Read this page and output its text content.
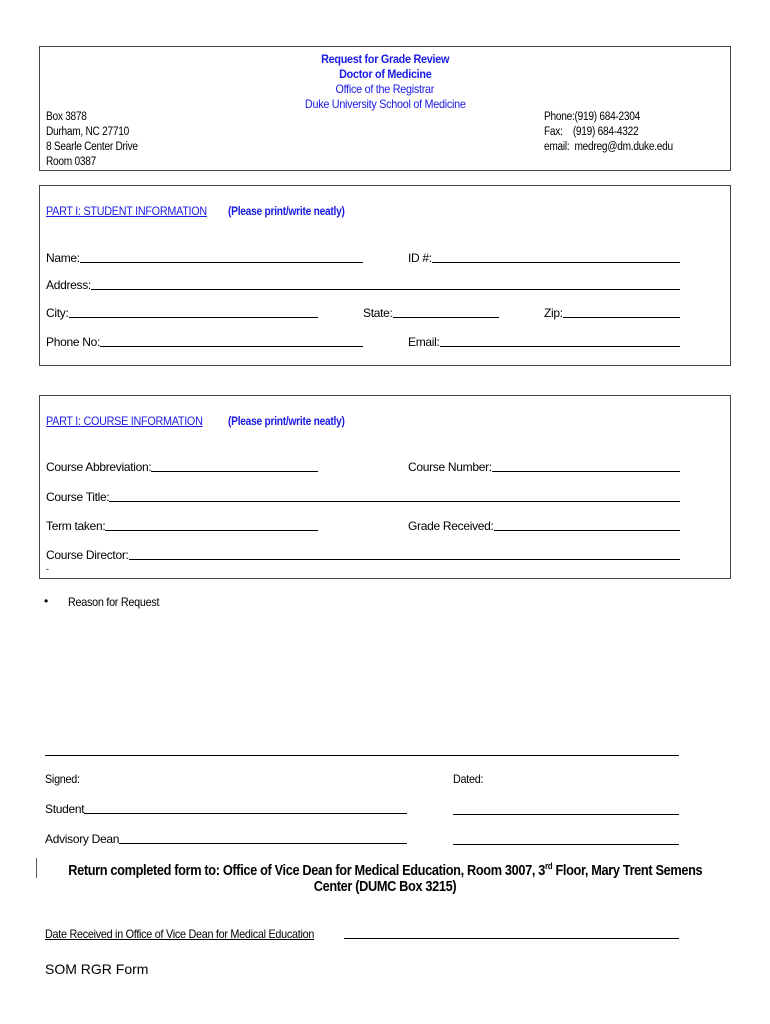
Request for Grade Review
Doctor of Medicine
Office of the Registrar
Duke University School of Medicine
Box 3878
Durham, NC 27710
8 Searle Center Drive
Room 0387
Phone:(919) 684-2304
Fax:    (919) 684-4322
email:  medreg@dm.duke.edu
PART I: STUDENT INFORMATION	(Please print/write neatly)
Name:	ID #:
Address:
City:	State:	Zip:
Phone No:	Email:
PART I: COURSE INFORMATION	(Please print/write neatly)
Course Abbreviation:	Course Number:
Course Title:
Term taken:	Grade Received:
Course Director:
-
• Reason for Request
Signed:	Dated:
Student
Advisory Dean
Return completed form to: Office of Vice Dean for Medical Education, Room 3007, 3rd Floor, Mary Trent Semens
Center (DUMC Box 3215)
Date Received in Office of Vice Dean for Medical Education
SOM RGR Form
